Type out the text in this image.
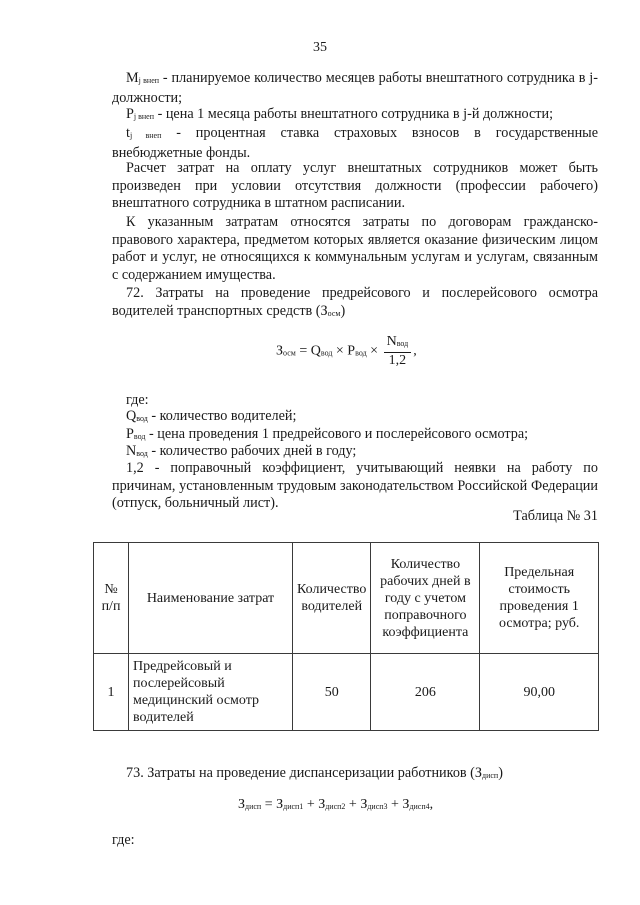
35
Mj внеп - планируемое количество месяцев работы внештатного сотрудника в j-должности;
Pj внеп - цена 1 месяца работы внештатного сотрудника в j-й должности;
tj внеп - процентная ставка страховых взносов в государственные внебюджетные фонды.
Расчет затрат на оплату услуг внештатных сотрудников может быть произведен при условии отсутствия должности (профессии рабочего) внештатного сотрудника в штатном расписании.
К указанным затратам относятся затраты по договорам гражданско-правового характера, предметом которых является оказание физическим лицом работ и услуг, не относящихся к коммунальным услугам и услугам, связанным с содержанием имущества.
72. Затраты на проведение предрейсового и послерейсового осмотра водителей транспортных средств (Зосм)
Зосм = Qвод × Pвод × $\frac{\text{Nвод}}{1,2}$ ,
где:
Qвод - количество водителей;
Pвод - цена проведения 1 предрейсового и послерейсового осмотра;
Nвод - количество рабочих дней в году;
1,2 - поправочный коэффициент, учитывающий неявки на работу по причинам, установленным трудовым законодательством Российской Федерации (отпуск, больничный лист).
Таблица № 31
№ п/п	Наименование затрат	Количество водителей	Количество рабочих дней в году с учетом поправочного коэффициента	Предельная стоимость проведения 1 осмотра; руб.
1	Предрейсовый и послерейсовый медицинский осмотр водителей	50	206	90,00
73. Затраты на проведение диспансеризации работников (Здисп)
Здисп = Здисп1 + Здисп2 + Здисп3 + Здисп4,
где:
